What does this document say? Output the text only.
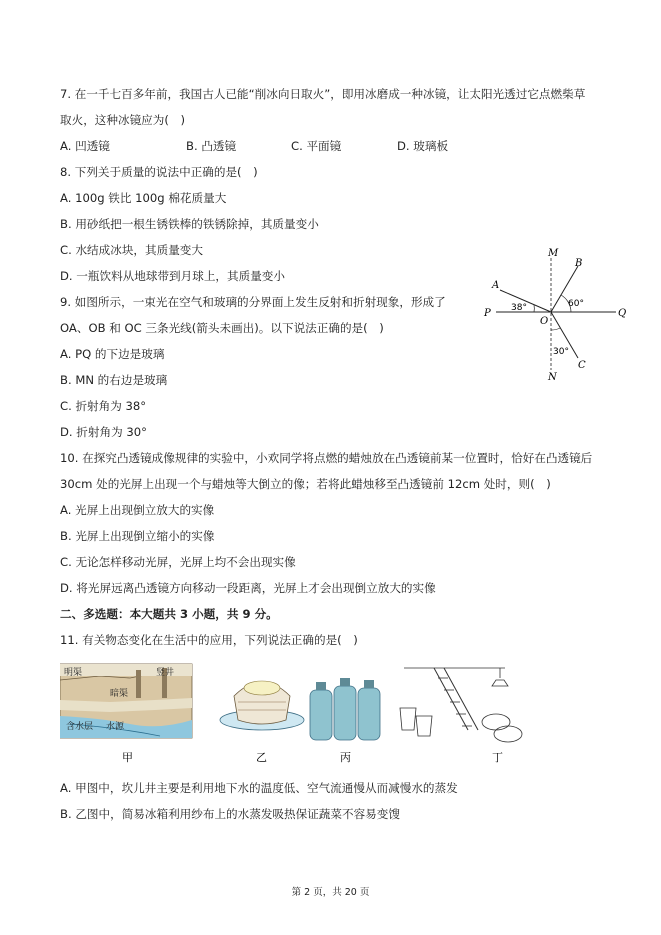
7. 在一千七百多年前，我国古人已能“削冰向日取火”，即用冰磨成一种冰镜，让太阳光透过它点燃柴草
取火，这种冰镜应为(　)
A. 凹透镜	B. 凸透镜	C. 平面镜	D. 玻璃板
8. 下列关于质量的说法中正确的是(　)
A. 100g 铁比 100g 棉花质量大
B. 用砂纸把一根生锈铁棒的铁锈除掉，其质量变小
C. 水结成冰块，其质量变大
D. 一瓶饮料从地球带到月球上，其质量变小
9. 如图所示，一束光在空气和玻璃的分界面上发生反射和折射现象，形成了
OA、OB 和 OC 三条光线(箭头未画出)。以下说法正确的是(　)
A. PQ 的下边是玻璃
B. MN 的右边是玻璃
C. 折射角为 38°
D. 折射角为 30°
M
N
P	Q
O
A
B
C
38°	60°
30°
10. 在探究凸透镜成像规律的实验中，小欢同学将点燃的蜡烛放在凸透镜前某一位置时，恰好在凸透镜后
30cm 处的光屏上出现一个与蜡烛等大倒立的像；若将此蜡烛移至凸透镜前 12cm 处时，则(　)
A. 光屏上出现倒立放大的实像
B. 光屏上出现倒立缩小的实像
C. 无论怎样移动光屏，光屏上均不会出现实像
D. 将光屏远离凸透镜方向移动一段距离，光屏上才会出现倒立放大的实像
二、多选题：本大题共 3 小题，共 9 分。
11. 有关物态变化在生活中的应用，下列说法正确的是(　)
明渠	竖井
暗渠
含水层 水源
甲	乙	丙	丁
A. 甲图中，坎儿井主要是利用地下水的温度低、空气流通慢从而减慢水的蒸发
B. 乙图中，简易冰箱利用纱布上的水蒸发吸热保证蔬菜不容易变馊
第 2 页，共 20 页
